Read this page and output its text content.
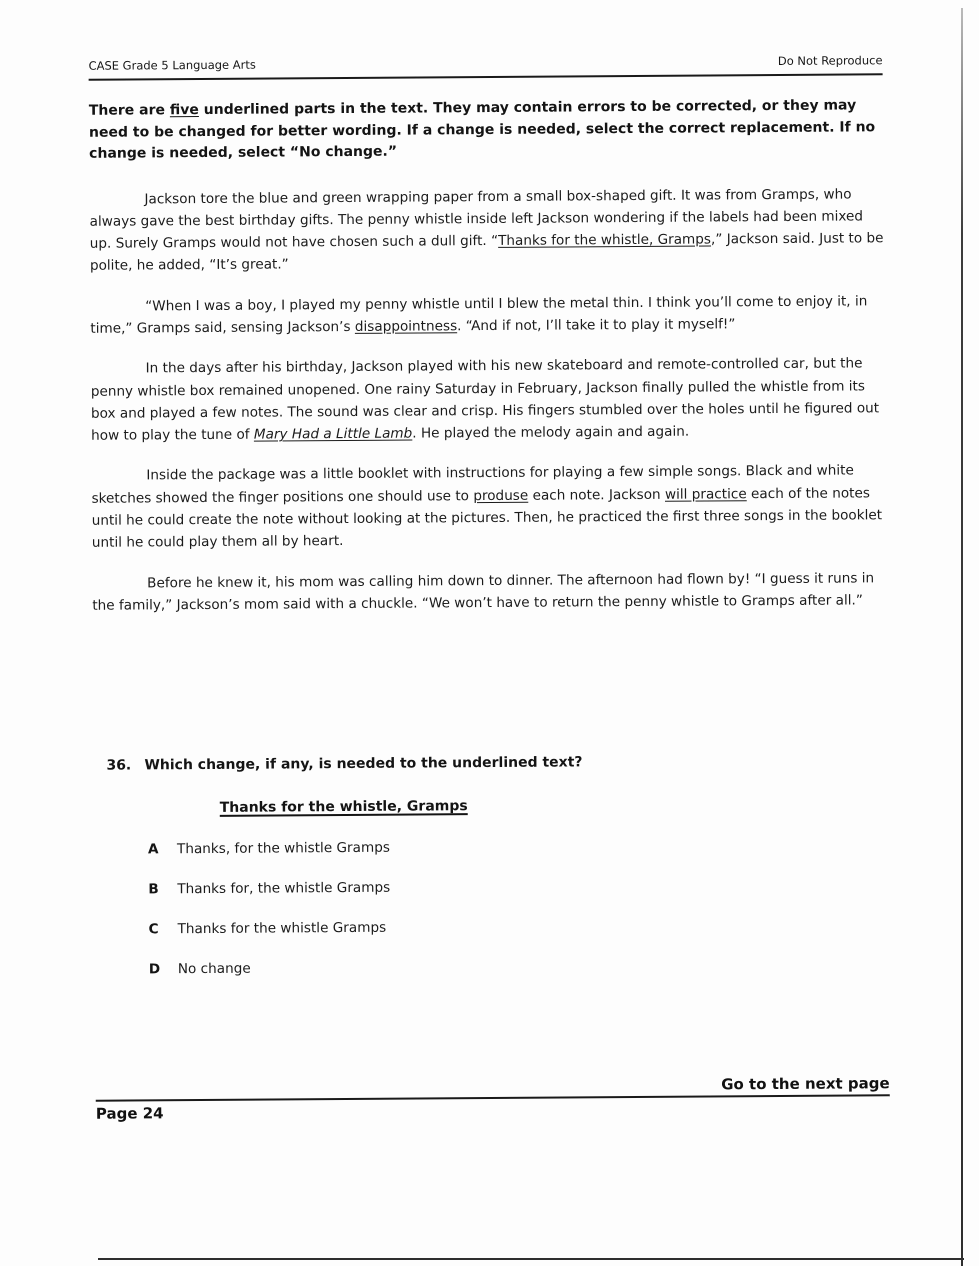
CASE Grade 5 Language Arts	Do Not Reproduce

There are five underlined parts in the text. They may contain errors to be corrected, or they may need to be changed for better wording. If a change is needed, select the correct replacement. If no change is needed, select “No change.”

Jackson tore the blue and green wrapping paper from a small box-shaped gift. It was from Gramps, who always gave the best birthday gifts. The penny whistle inside left Jackson wondering if the labels had been mixed up. Surely Gramps would not have chosen such a dull gift. “Thanks for the whistle, Gramps,” Jackson said. Just to be polite, he added, “It’s great.”

“When I was a boy, I played my penny whistle until I blew the metal thin. I think you’ll come to enjoy it, in time,” Gramps said, sensing Jackson’s disappointness. “And if not, I’ll take it to play it myself!”

In the days after his birthday, Jackson played with his new skateboard and remote-controlled car, but the penny whistle box remained unopened. One rainy Saturday in February, Jackson finally pulled the whistle from its box and played a few notes. The sound was clear and crisp. His fingers stumbled over the holes until he figured out how to play the tune of Mary Had a Little Lamb. He played the melody again and again.

Inside the package was a little booklet with instructions for playing a few simple songs. Black and white sketches showed the finger positions one should use to produse each note. Jackson will practice each of the notes until he could create the note without looking at the pictures. Then, he practiced the first three songs in the booklet until he could play them all by heart.

Before he knew it, his mom was calling him down to dinner. The afternoon had flown by! “I guess it runs in the family,” Jackson’s mom said with a chuckle. “We won’t have to return the penny whistle to Gramps after all.”

36. Which change, if any, is needed to the underlined text?
Thanks for the whistle, Gramps
A	Thanks, for the whistle Gramps
B	Thanks for, the whistle Gramps
C	Thanks for the whistle Gramps
D	No change
Go to the next page
Page 24
